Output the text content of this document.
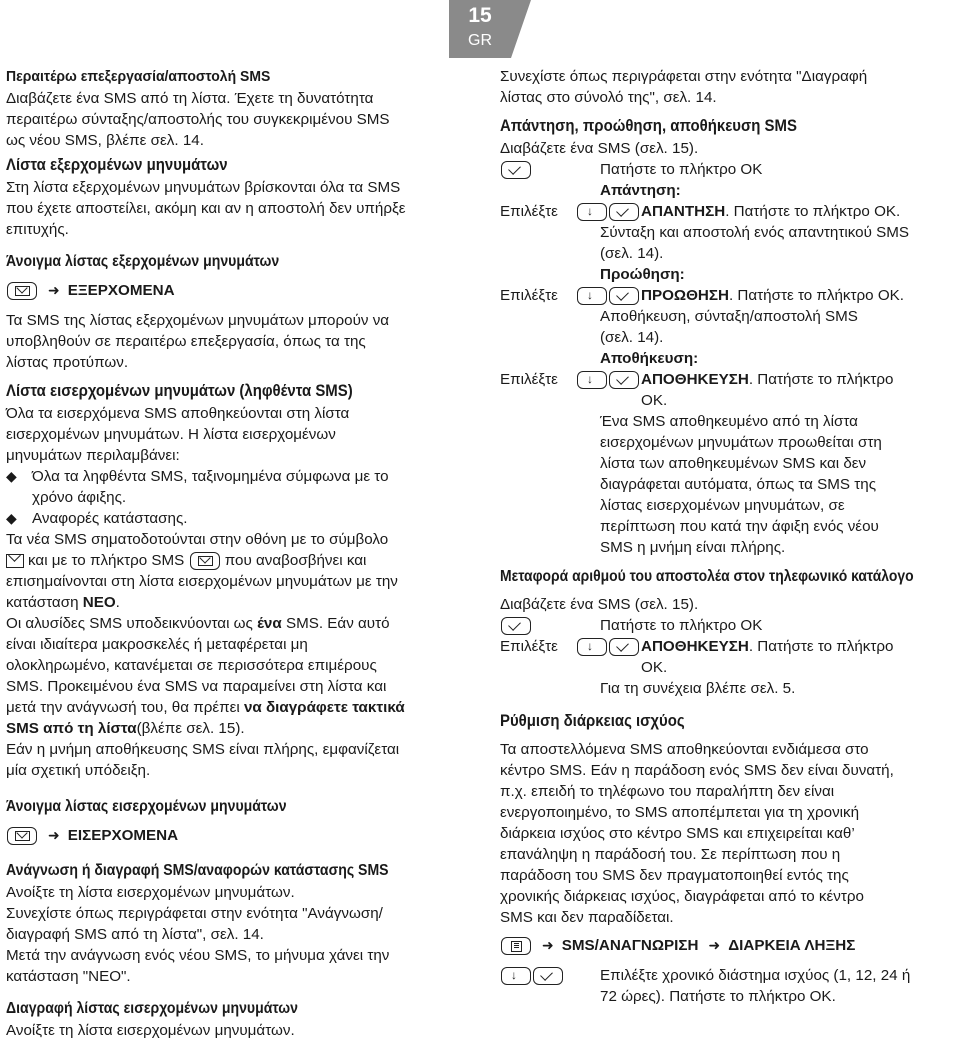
15
GR
Περαιτέρω επεξεργασία/αποστολή SMS

Διαβάζετε ένα SMS από τη λίστα. Έχετε τη δυνατότητα
περαιτέρω σύνταξης/αποστολής του συγκεκριμένου SMS
ως νέου SMS, βλέπε σελ. 14.

Λίστα εξερχομένων μηνυμάτων

Στη λίστα εξερχομένων μηνυμάτων βρίσκονται όλα τα SMS
που έχετε αποστείλει, ακόμη και αν η αποστολή δεν υπήρξε
επιτυχής.

Άνοιγμα λίστας εξερχομένων μηνυμάτων
➜ ΕΞΕΡΧΟΜΕΝΑ

Τα SMS της λίστας εξερχομένων μηνυμάτων μπορούν να
υποβληθούν σε περαιτέρω επεξεργασία, όπως τα της
λίστας προτύπων.

Λίστα εισερχομένων μηνυμάτων (ληφθέντα SMS)

Όλα τα εισερχόμενα SMS αποθηκεύονται στη λίστα
εισερχομένων μηνυμάτων. Η λίστα εισερχομένων
μηνυμάτων περιλαμβάνει:

◆	Όλα τα ληφθέντα SMS, ταξινομημένα σύμφωνα με το
χρόνο άφιξης.
◆	Αναφορές κατάστασης.

Τα νέα SMS σηματοδοτούνται στην οθόνη με το σύμβολο
και με το πλήκτρο SMS	που αναβοσβήνει και
επισημαίνονται στη λίστα εισερχομένων μηνυμάτων με την
κατάσταση ΝΕΟ.

Οι αλυσίδες SMS υποδεικνύονται ως ένα SMS. Εάν αυτό
είναι ιδιαίτερα μακροσκελές ή μεταφέρεται μη
ολοκληρωμένο, κατανέμεται σε περισσότερα επιμέρους
SMS. Προκειμένου ένα SMS να παραμείνει στη λίστα και
μετά την ανάγνωσή του, θα πρέπει να διαγράφετε τακτικά
SMS από τη λίστα(βλέπε σελ. 15).
Εάν η μνήμη αποθήκευσης SMS είναι πλήρης, εμφανίζεται
μία σχετική υπόδειξη.

Άνοιγμα λίστας εισερχομένων μηνυμάτων
➜ ΕΙΣΕΡΧΟΜΕΝΑ
Ανάγνωση ή διαγραφή SMS/αναφορών κατάστασης SMS

Ανοίξτε τη λίστα εισερχομένων μηνυμάτων.
Συνεχίστε όπως περιγράφεται στην ενότητα "Ανάγνωση/
διαγραφή SMS από τη λίστα", σελ. 14.
Μετά την ανάγνωση ενός νέου SMS, το μήνυμα χάνει την
κατάσταση "ΝΕΟ".

Διαγραφή λίστας εισερχομένων μηνυμάτων

Ανοίξτε τη λίστα εισερχομένων μηνυμάτων.

Συνεχίστε όπως περιγράφεται στην ενότητα "Διαγραφή
λίστας στο σύνολό της", σελ. 14.

Απάντηση, προώθηση, αποθήκευση SMS

Διαβάζετε ένα SMS (σελ. 15).

Πατήστε το πλήκτρο OK
Απάντηση:
Επιλέξτε	↓	ΑΠΑΝΤΗΣΗ. Πατήστε το πλήκτρο OK.

Σύνταξη και αποστολή ενός απαντητικού SMS
(σελ. 14).

Προώθηση:
Επιλέξτε	↓	ΠΡΟΩΘΗΣΗ. Πατήστε το πλήκτρο OK.

Αποθήκευση, σύνταξη/αποστολή SMS
(σελ. 14).

Αποθήκευση:
Επιλέξτε	↓	ΑΠΟΘΗΚΕΥΣΗ. Πατήστε το πλήκτρο
OK.

Ένα SMS αποθηκευμένο από τη λίστα
εισερχομένων μηνυμάτων προωθείται στη
λίστα των αποθηκευμένων SMS και δεν
διαγράφεται αυτόματα, όπως τα SMS της
λίστας εισερχομένων μηνυμάτων, σε
περίπτωση που κατά την άφιξη ενός νέου
SMS η μνήμη είναι πλήρης.

Μεταφορά αριθμού του αποστολέα στον τηλεφωνικό κατάλογο

Διαβάζετε ένα SMS (σελ. 15).

Πατήστε το πλήκτρο OK
Επιλέξτε	↓	ΑΠΟΘΗΚΕΥΣΗ. Πατήστε το πλήκτρο
OK.

Για τη συνέχεια βλέπε σελ. 5.

Ρύθμιση διάρκειας ισχύος

Τα αποστελλόμενα SMS αποθηκεύονται ενδιάμεσα στο
κέντρο SMS. Εάν η παράδοση ενός SMS δεν είναι δυνατή,
π.χ. επειδή το τηλέφωνο του παραλήπτη δεν είναι
ενεργοποιημένο, το SMS αποπέμπεται για τη χρονική
διάρκεια ισχύος στο κέντρο SMS και επιχειρείται καθ’
επανάληψη η παράδοσή του. Σε περίπτωση που η
παράδοση του SMS δεν πραγματοποιηθεί εντός της
χρονικής διάρκειας ισχύος, διαγράφεται από το κέντρο
SMS και δεν παραδίδεται.

➜ SMS/ΑΝΑΓΝΩΡΙΣΗ ➜ ΔΙΑΡΚΕΙΑ ΛΗΞΗΣ
↓	Επιλέξτε χρονικό διάστημα ισχύος (1, 12, 24 ή
72 ώρες). Πατήστε το πλήκτρο OK.
